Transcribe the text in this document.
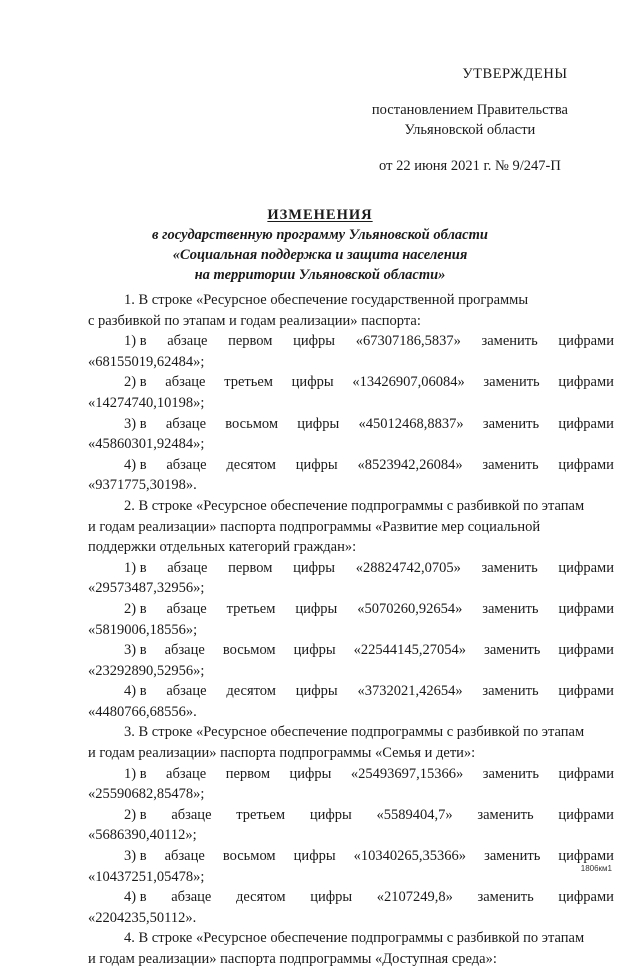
УТВЕРЖДЕНЫ
постановлением Правительства
Ульяновской области
от 22 июня 2021 г. № 9/247-П
ИЗМЕНЕНИЯ
в государственную программу Ульяновской области
«Социальная поддержка и защита населения
на территории Ульяновской области»
1. В строке «Ресурсное обеспечение государственной программы

с разбивкой по этапам и годам реализации» паспорта:

1) в абзаце первом цифры «67307186,5837» заменить цифрами

«68155019,62484»;

2) в абзаце третьем цифры «13426907,06084» заменить цифрами

«14274740,10198»;

3) в абзаце восьмом цифры «45012468,8837» заменить цифрами

«45860301,92484»;

4) в абзаце десятом цифры «8523942,26084» заменить цифрами

«9371775,30198».

2. В строке «Ресурсное обеспечение подпрограммы с разбивкой по этапам

и годам реализации» паспорта подпрограммы «Развитие мер социальной

поддержки отдельных категорий граждан»:

1) в абзаце первом цифры «28824742,0705» заменить цифрами

«29573487,32956»;

2) в абзаце третьем цифры «5070260,92654» заменить цифрами

«5819006,18556»;

3) в абзаце восьмом цифры «22544145,27054» заменить цифрами

«23292890,52956»;

4) в абзаце десятом цифры «3732021,42654» заменить цифрами

«4480766,68556».

3. В строке «Ресурсное обеспечение подпрограммы с разбивкой по этапам

и годам реализации» паспорта подпрограммы «Семья и дети»:

1) в абзаце первом цифры «25493697,15366» заменить цифрами

«25590682,85478»;

2) в абзаце третьем цифры «5589404,7» заменить цифрами

«5686390,40112»;

3) в абзаце восьмом цифры «10340265,35366» заменить цифрами

«10437251,05478»;

4) в абзаце десятом цифры «2107249,8» заменить цифрами

«2204235,50112».

4. В строке «Ресурсное обеспечение подпрограммы с разбивкой по этапам

и годам реализации» паспорта подпрограммы «Доступная среда»:

1806км1
